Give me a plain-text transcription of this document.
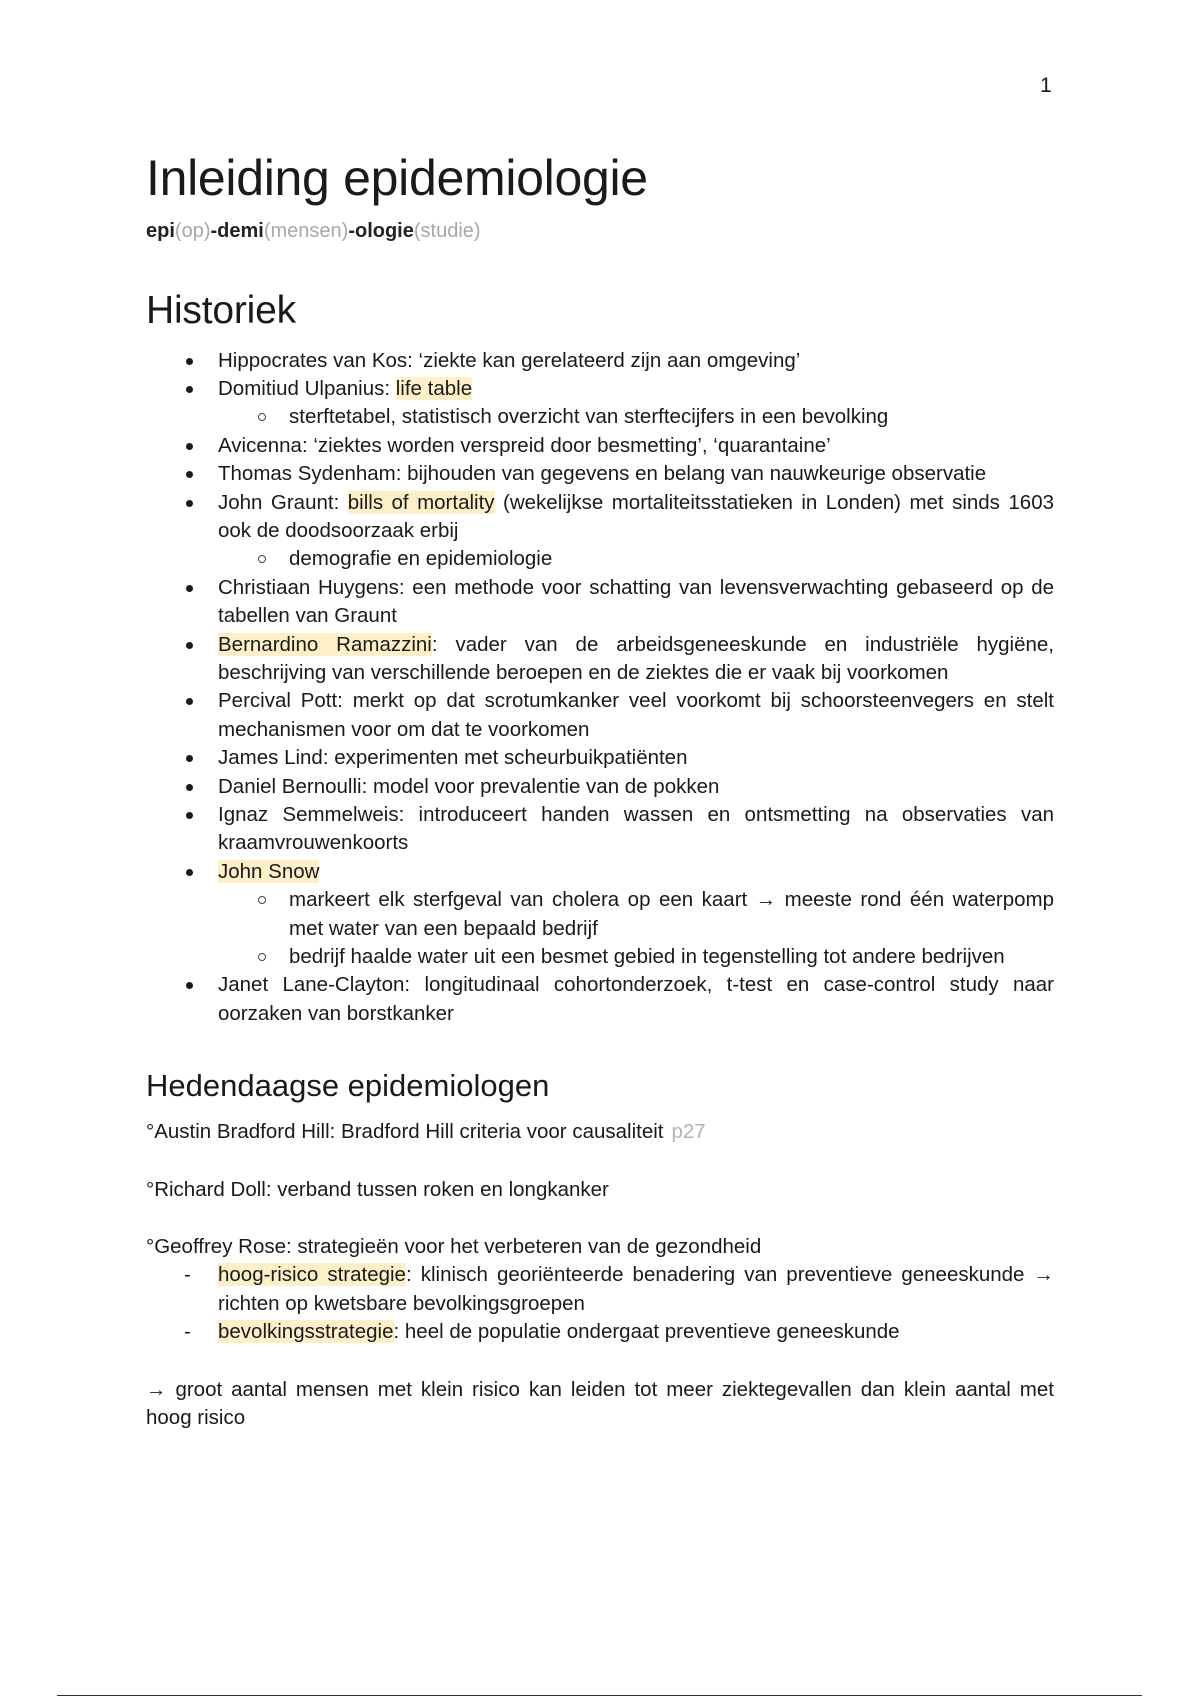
1
Inleiding epidemiologie
epi(op)-demi(mensen)-ologie(studie)
Historiek
Hippocrates van Kos: ‘ziekte kan gerelateerd zijn aan omgeving’
Domitiud Ulpanius: life table
sterftetabel, statistisch overzicht van sterftecijfers in een bevolking
Avicenna: ‘ziektes worden verspreid door besmetting’, ‘quarantaine’
Thomas Sydenham: bijhouden van gegevens en belang van nauwkeurige observatie
John Graunt: bills of mortality (wekelijkse mortaliteitsstatieken in Londen) met sinds 1603 ook de doodsoorzaak erbij
demografie en epidemiologie
Christiaan Huygens: een methode voor schatting van levensverwachting gebaseerd op de tabellen van Graunt
Bernardino Ramazzini: vader van de arbeidsgeneeskunde en industriële hygiëne, beschrijving van verschillende beroepen en de ziektes die er vaak bij voorkomen
Percival Pott: merkt op dat scrotumkanker veel voorkomt bij schoorsteenvegers en stelt mechanismen voor om dat te voorkomen
James Lind: experimenten met scheurbuikpatiënten
Daniel Bernoulli: model voor prevalentie van de pokken
Ignaz Semmelweis: introduceert handen wassen en ontsmetting na observaties van kraamvrouwenkoorts
John Snow
markeert elk sterfgeval van cholera op een kaart → meeste rond één waterpomp met water van een bepaald bedrijf
bedrijf haalde water uit een besmet gebied in tegenstelling tot andere bedrijven
Janet Lane-Clayton: longitudinaal cohortonderzoek, t-test en case-control study naar oorzaken van borstkanker
Hedendaagse epidemiologen
°Austin Bradford Hill: Bradford Hill criteria voor causaliteit p27
°Richard Doll: verband tussen roken en longkanker
°Geoffrey Rose: strategieën voor het verbeteren van de gezondheid
- hoog-risico strategie: klinisch georiënteerde benadering van preventieve geneeskunde → richten op kwetsbare bevolkingsgroepen
- bevolkingsstrategie: heel de populatie ondergaat preventieve geneeskunde
→ groot aantal mensen met klein risico kan leiden tot meer ziektegevallen dan klein aantal met hoog risico
